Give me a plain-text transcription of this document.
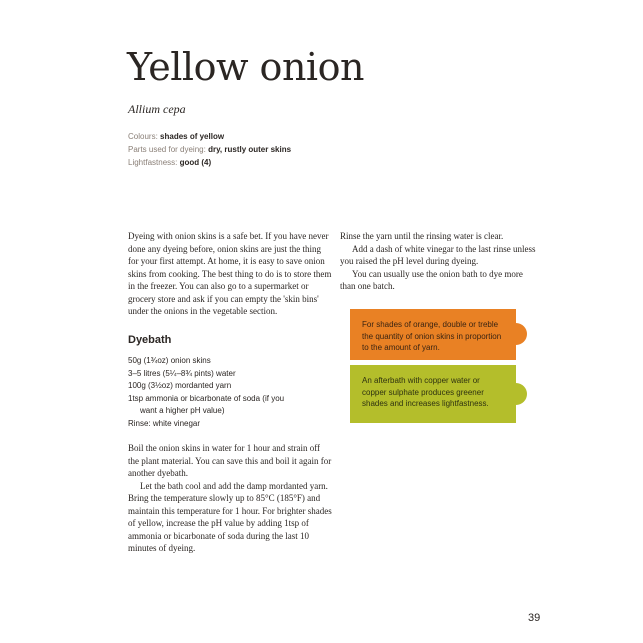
Yellow onion
Allium cepa
Colours: shades of yellow
Parts used for dyeing: dry, rustly outer skins
Lightfastness: good (4)

Dyeing with onion skins is a safe bet. If you have never done any dyeing before, onion skins are just the thing for your first attempt. At home, it is easy to save onion skins from cooking. The best thing to do is to store them in the freezer. You can also go to a supermarket or grocery store and ask if you can empty the 'skin bins' under the onions in the vegetable section.

Dyebath
50g (1¾oz) onion skins
3–5 litres (5¼–8¾ pints) water
100g (3½oz) mordanted yarn
1tsp ammonia or bicarbonate of soda (if you
want a higher pH value)
Rinse: white vinegar

Boil the onion skins in water for 1 hour and strain off the plant material. You can save this and boil it again for another dyebath.

Let the bath cool and add the damp mordanted yarn. Bring the temperature slowly up to 85°C (185°F) and maintain this temperature for 1 hour. For brighter shades of yellow, increase the pH value by adding 1tsp of ammonia or bicarbonate of soda during the last 10 minutes of dyeing.

Rinse the yarn until the rinsing water is clear.

Add a dash of white vinegar to the last rinse unless you raised the pH level during dyeing.

You can usually use the onion bath to dye more than one batch.

For shades of orange, double or treble the quantity of onion skins in proportion to the amount of yarn.
An afterbath with copper water or copper sulphate produces greener shades and increases lightfastness.
39
